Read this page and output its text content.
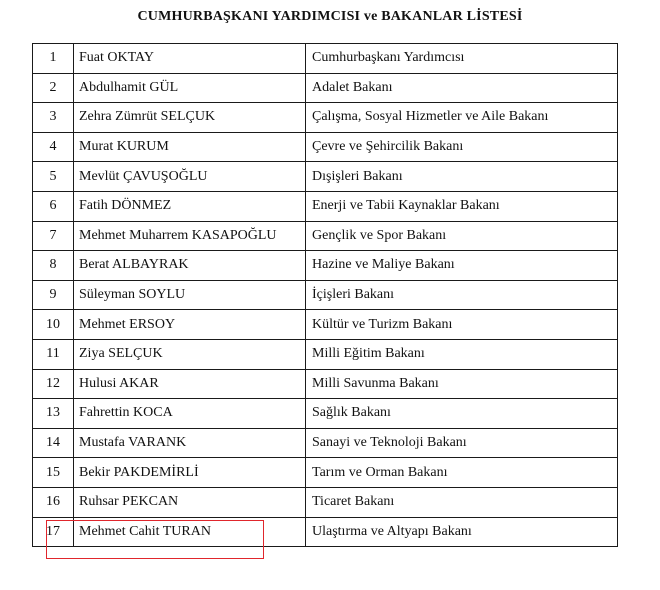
CUMHURBAŞKANI YARDIMCISI ve BAKANLAR LİSTESİ
1	Fuat OKTAY	Cumhurbaşkanı Yardımcısı
2	Abdulhamit GÜL	Adalet Bakanı
3	Zehra Zümrüt SELÇUK	Çalışma, Sosyal Hizmetler ve Aile Bakanı
4	Murat KURUM	Çevre ve Şehircilik Bakanı
5	Mevlüt ÇAVUŞOĞLU	Dışişleri Bakanı
6	Fatih DÖNMEZ	Enerji ve Tabii Kaynaklar Bakanı
7	Mehmet Muharrem KASAPOĞLU	Gençlik ve Spor Bakanı
8	Berat ALBAYRAK	Hazine ve Maliye Bakanı
9	Süleyman SOYLU	İçişleri Bakanı
10	Mehmet ERSOY	Kültür ve Turizm Bakanı
11	Ziya SELÇUK	Milli Eğitim Bakanı
12	Hulusi AKAR	Milli Savunma Bakanı
13	Fahrettin KOCA	Sağlık Bakanı
14	Mustafa VARANK	Sanayi ve Teknoloji Bakanı
15	Bekir PAKDEMİRLİ	Tarım ve Orman Bakanı
16	Ruhsar PEKCAN	Ticaret Bakanı
17	Mehmet Cahit TURAN	Ulaştırma ve Altyapı Bakanı
